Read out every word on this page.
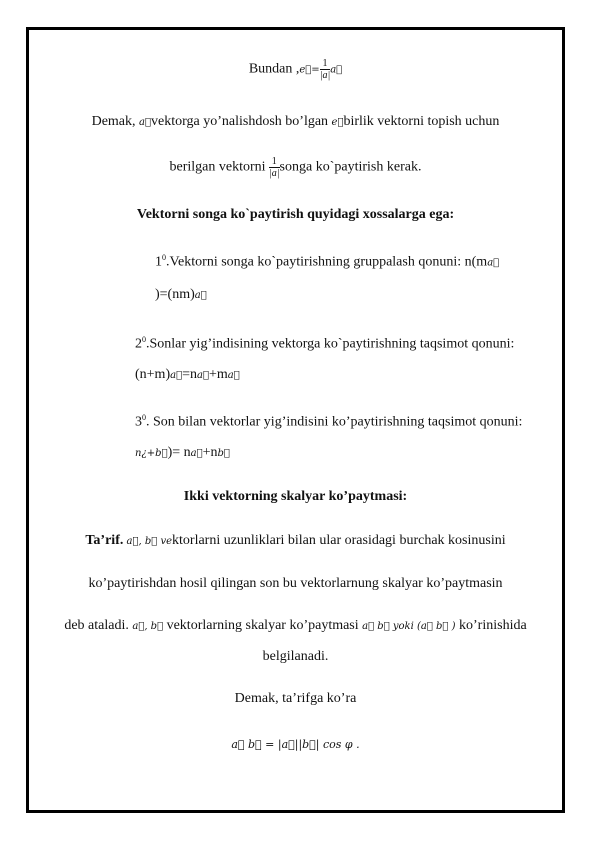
Bundan ,e⃗= $\frac{1}{|a|}$ a⃗
Demak, a⃗vektorga yo’nalishdosh bo’lgan e⃗birlik vektorni topish uchun
berilgan vektorni $\frac{1}{|a|}$ songa ko`paytirish kerak.
Vektorni songa ko`paytirish quyidagi xossalarga ega:
$1^0.Vektorni$ songa ko`paytirishning gruppalash qonuni: n(ma⃗
)=(nm)a⃗
$2^0.Sonlar$ yig’indisining vektorga ko`paytirishning taqsimot qonuni:
(n+m)a⃗=na⃗+ma⃗
$3^0$. Son bilan vektorlar yig’indisini ko’paytirishning taqsimot qonuni:
n¿+b⃗)= na⃗+nb⃗
Ikki vektorning skalyar ko’paytmasi:
Ta’rif. a⃗, b⃗ vektorlarni uzunliklari bilan ular orasidagi burchak kosinusini
ko’paytirishdan hosil qilingan son bu vektorlarnung skalyar ko’paytmasin
deb ataladi. a⃗, b⃗ vektorlarning skalyar ko’paytmasi a⃗ b⃗ yoki (a⃗ b⃗ ) ko’rinishida
belgilanadi.
Demak, ta’rifga ko’ra
a⃗ b⃗ = |a⃗||b⃗| cos φ .
